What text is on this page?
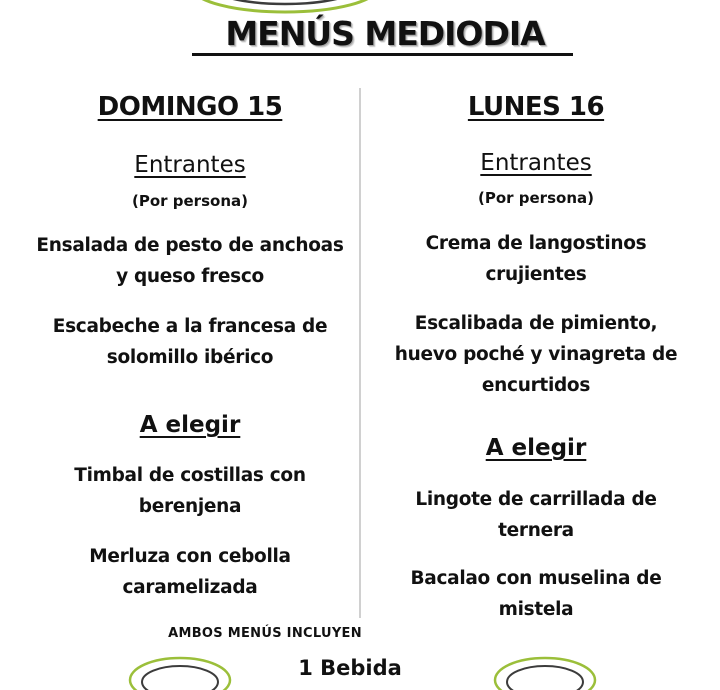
MENÚS MEDIODIA
DOMINGO 15
Entrantes
(Por persona)
Ensalada de pesto de anchoas
y queso fresco
Escabeche a la francesa de
solomillo ibérico
A elegir
Timbal de costillas con
berenjena
Merluza con cebolla
caramelizada
LUNES 16
Entrantes
(Por persona)
Crema de langostinos
crujientes
Escalibada de pimiento,
huevo poché y vinagreta de
encurtidos
A elegir
Lingote de carrillada de
ternera
Bacalao con muselina de
mistela
AMBOS MENÚS INCLUYEN
1 Bebida
